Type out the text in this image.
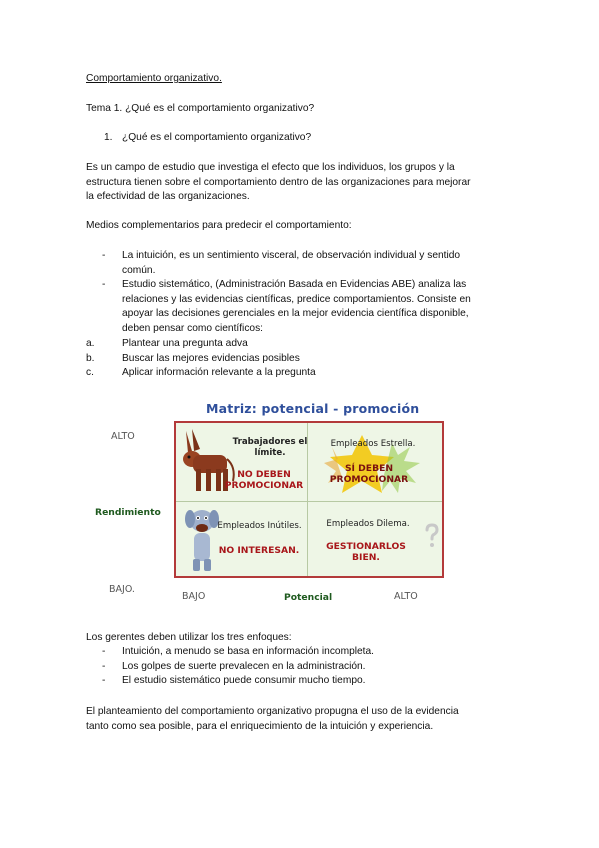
Comportamiento organizativo.
Tema 1. ¿Qué es el comportamiento organizativo?
1. ¿Qué es el comportamiento organizativo?
Es un campo de estudio que investiga el efecto que los individuos, los grupos y la
estructura tienen sobre el comportamiento dentro de las organizaciones para mejorar
la efectividad de las organizaciones.
Medios complementarios para predecir el comportamiento:
- La intuición, es un sentimiento visceral, de observación individual y sentido
común.
- Estudio sistemático, (Administración Basada en Evidencias ABE) analiza las
relaciones y las evidencias científicas, predice comportamientos. Consiste en
apoyar las decisiones gerenciales en la mejor evidencia científica disponible,
deben pensar como científicos:
a.	Plantear una pregunta adva
b.	Buscar las mejores evidencias posibles
c.	Aplicar información relevante a la pregunta
Matriz: potencial - promoción
ALTO
Rendimiento
BAJO.
Trabajadores el
límite.
NO DEBEN
PROMOCIONAR
Empleados Estrella.
SÍ DEBEN
PROMOCIONAR
Empleados Inútiles.
NO INTERESAN.
Empleados Dilema.
GESTIONARLOS
BIEN.
BAJO	Potencial	ALTO
Los gerentes deben utilizar los tres enfoques:
- Intuición, a menudo se basa en información incompleta.
- Los golpes de suerte prevalecen en la administración.
- El estudio sistemático puede consumir mucho tiempo.
El planteamiento del comportamiento organizativo propugna el uso de la evidencia
tanto como sea posible, para el enriquecimiento de la intuición y experiencia.
